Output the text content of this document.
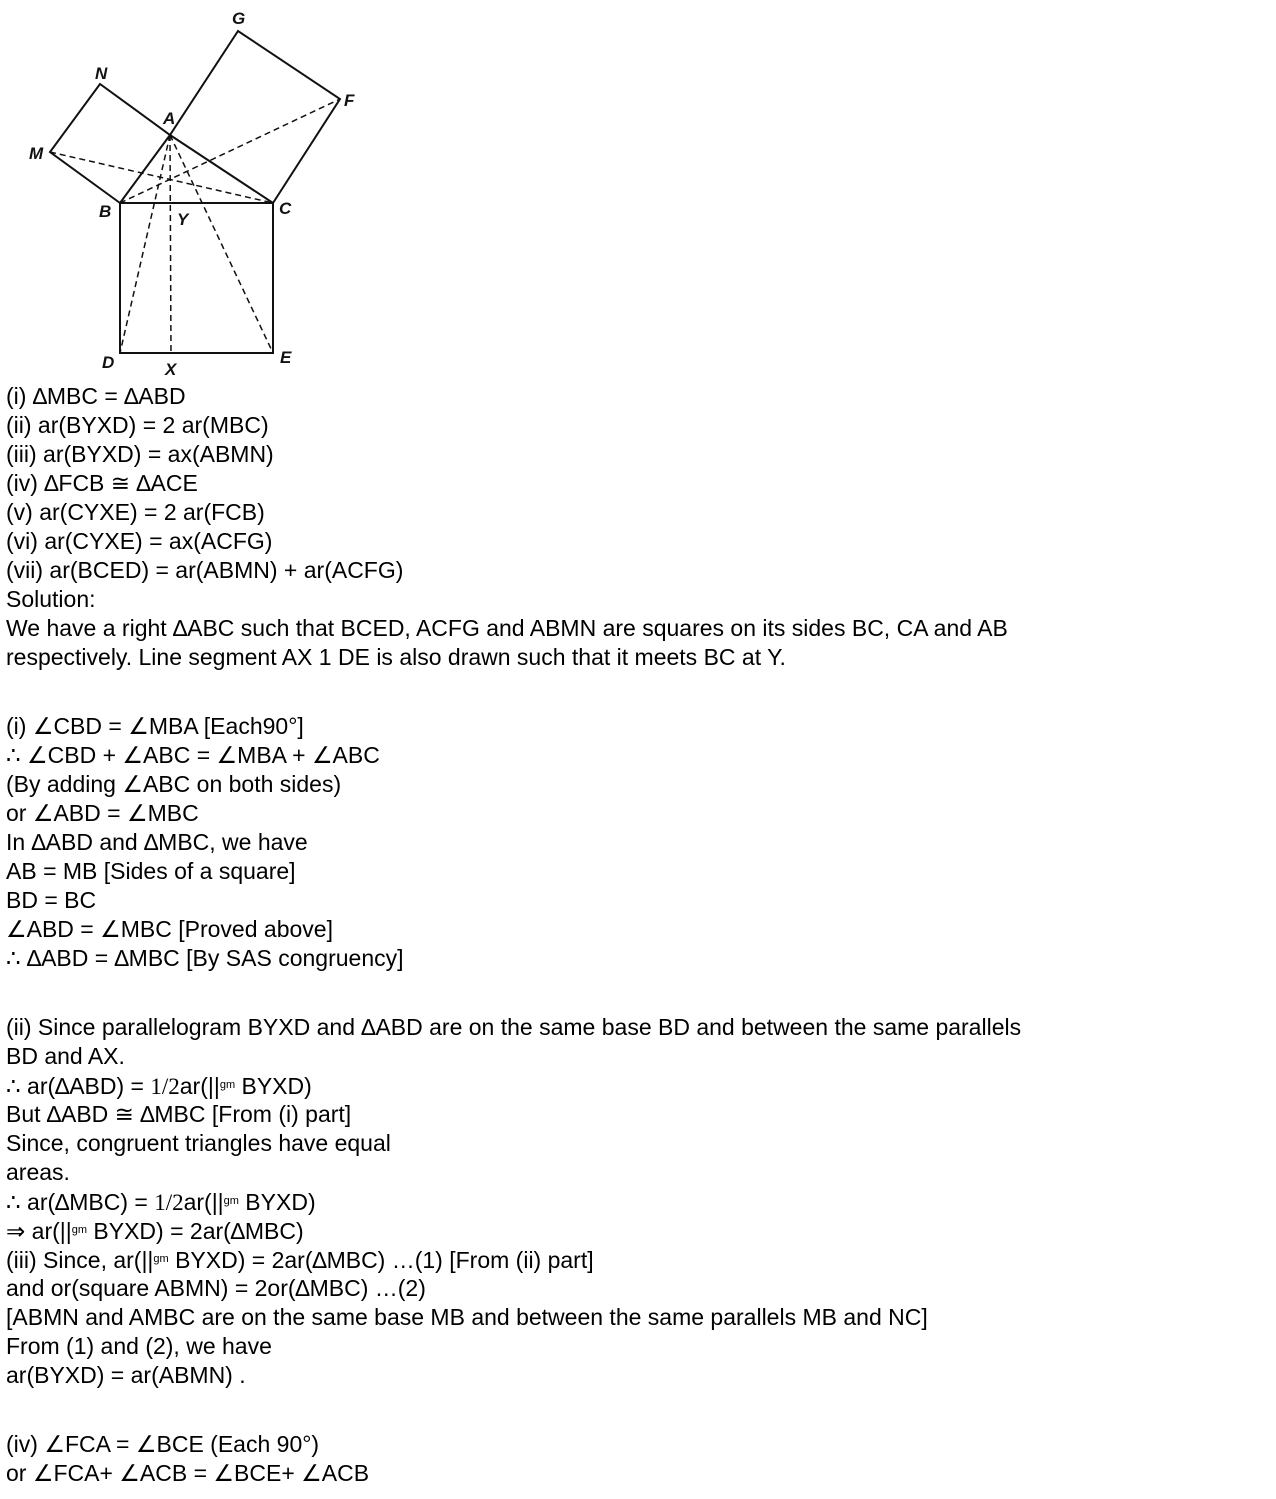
G
N
A
F
M
B	C
Y
D	E
X
(i) ∆MBC = ∆ABD
(ii) ar(BYXD) = 2 ar(MBC)
(iii) ar(BYXD) = ax(ABMN)
(iv) ∆FCB ≅ ∆ACE
(v) ar(CYXE) = 2 ar(FCB)
(vi) ar(CYXE) = ax(ACFG)
(vii) ar(BCED) = ar(ABMN) + ar(ACFG)
Solution:
We have a right ∆ABC such that BCED, ACFG and ABMN are squares on its sides BC, CA and AB
respectively. Line segment AX 1 DE is also drawn such that it meets BC at Y.
(i) ∠CBD = ∠MBA [Each90°]
∴ ∠CBD + ∠ABC = ∠MBA + ∠ABC
(By adding ∠ABC on both sides)
or ∠ABD = ∠MBC
In ∆ABD and ∆MBC, we have
AB = MB [Sides of a square]
BD = BC
∠ABD = ∠MBC [Proved above]
∴ ∆ABD = ∆MBC [By SAS congruency]
(ii) Since parallelogram BYXD and ∆ABD are on the same base BD and between the same parallels
BD and AX.
∴ $ar(\Delta ABD) = 1/2ar(||^{gm}$ BYXD)
But ∆ABD ≅ ∆MBC [From (i) part]
Since, congruent triangles have equal
areas.
∴ $ar(\Delta MBC) = 1/2ar(||^{gm}$ BYXD)
⇒ $ar(||^{gm}$ BYXD) = 2ar(∆MBC)
(iii) Since, $ar(||^{gm}$ BYXD) = 2ar(∆MBC) …(1) [From (ii) part]
and or(square ABMN) = 2or(∆MBC) …(2)
[ABMN and AMBC are on the same base MB and between the same parallels MB and NC]
From (1) and (2), we have
ar(BYXD) = ar(ABMN) .
(iv) ∠FCA = ∠BCE (Each 90°)
or ∠FCA+ ∠ACB = ∠BCE+ ∠ACB
